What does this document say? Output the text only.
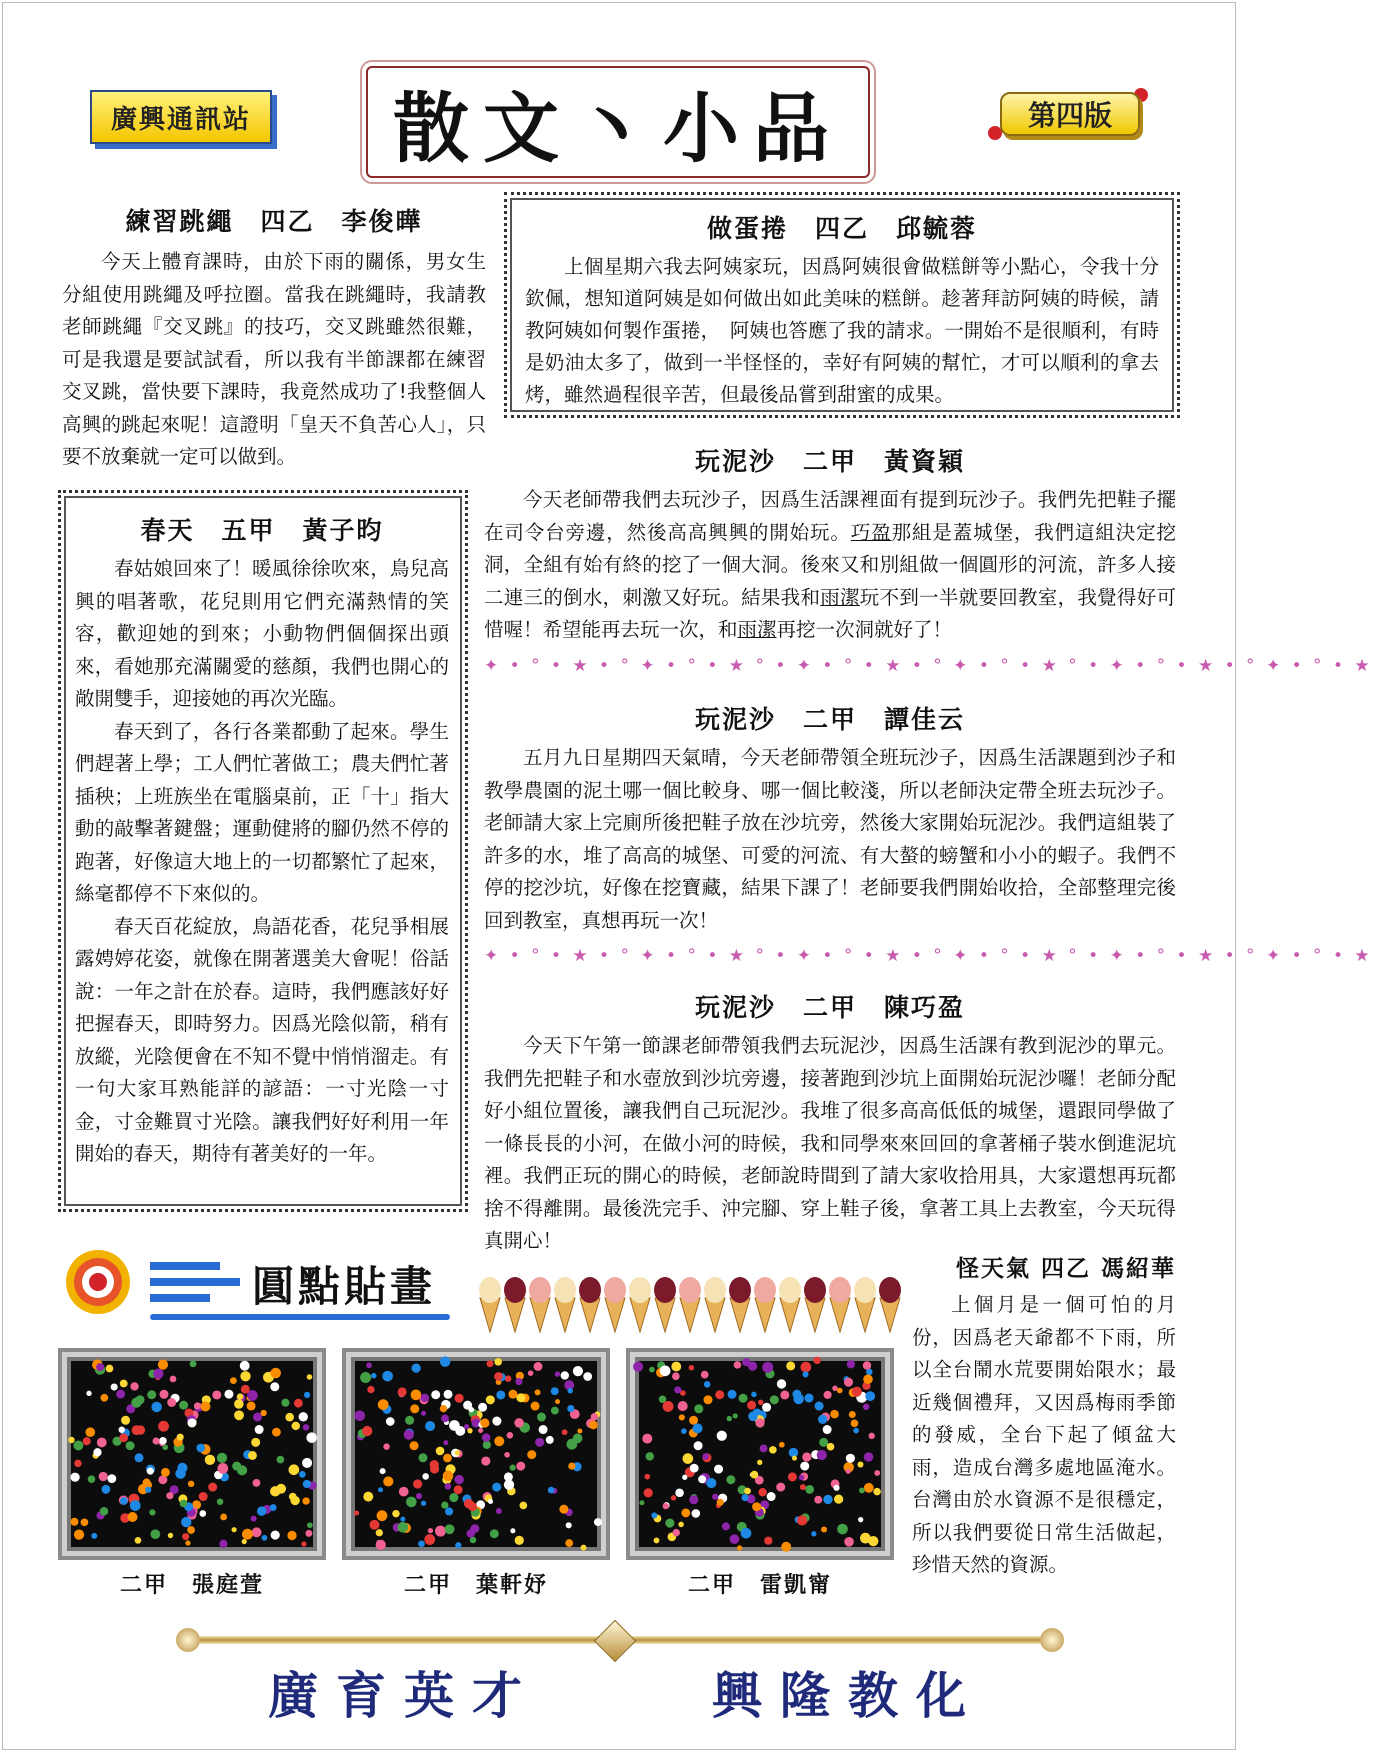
廣興通訊站	散文丶小品	第四版
練習跳繩　四乙　李俊曄

今天上體育課時，由於下雨的關係，男女生分組使用跳繩及呼拉圈。當我在跳繩時，我請教老師跳繩『交叉跳』的技巧，交叉跳雖然很難，可是我還是要試試看，所以我有半節課都在練習交叉跳，當快要下課時，我竟然成功了!我整個人高興的跳起來呢！這證明「皇天不負苦心人」，只要不放棄就一定可以做到。

做蛋捲　四乙　邱毓蓉

上個星期六我去阿姨家玩，因爲阿姨很會做糕餅等小點心，令我十分欽佩，想知道阿姨是如何做出如此美味的糕餅。趁著拜訪阿姨的時候，請教阿姨如何製作蛋捲，　阿姨也答應了我的請求。一開始不是很順利，有時是奶油太多了，做到一半怪怪的，幸好有阿姨的幫忙，才可以順利的拿去烤，雖然過程很辛苦，但最後品嘗到甜蜜的成果。

春天　五甲　黃子昀

春姑娘回來了！暖風徐徐吹來，鳥兒高興的唱著歌，花兒則用它們充滿熱情的笑容，歡迎她的到來；小動物們個個探出頭來，看她那充滿關愛的慈顏，我們也開心的敞開雙手，迎接她的再次光臨。

春天到了，各行各業都動了起來。學生們趕著上學；工人們忙著做工；農夫們忙著插秧；上班族坐在電腦桌前，正「十」指大動的敲擊著鍵盤；運動健將的腳仍然不停的跑著，好像這大地上的一切都繁忙了起來，絲毫都停不下來似的。

春天百花綻放，鳥語花香，花兒爭相展露娉婷花姿，就像在開著選美大會呢！俗話說：一年之計在於春。這時，我們應該好好把握春天，即時努力。因爲光陰似箭，稍有放縱，光陰便會在不知不覺中悄悄溜走。有一句大家耳熟能詳的諺語：一寸光陰一寸金，寸金難買寸光陰。讓我們好好利用一年開始的春天，期待有著美好的一年。

玩泥沙　二甲　黃資穎

今天老師帶我們去玩沙子，因爲生活課裡面有提到玩沙子。我們先把鞋子擺在司令台旁邊，然後高高興興的開始玩。巧盈那組是蓋城堡，我們這組決定挖洞，全組有始有終的挖了一個大洞。後來又和別組做一個圓形的河流，許多人接二連三的倒水，刺激又好玩。結果我和雨潔玩不到一半就要回教室，我覺得好可惜喔！希望能再去玩一次，和雨潔再挖一次洞就好了！

✦ • ° • ★ • ° ✦ • ° • ★ ° • ✦ • ° • ★ • ° ✦ • ° • ★ ° • ✦ • ° • ★ • ° ✦ • ° • ★
玩泥沙　二甲　譚佳云

五月九日星期四天氣晴，今天老師帶領全班玩沙子，因爲生活課題到沙子和教學農園的泥土哪一個比較身、哪一個比較淺，所以老師決定帶全班去玩沙子。老師請大家上完廁所後把鞋子放在沙坑旁，然後大家開始玩泥沙。我們這組裝了許多的水，堆了高高的城堡、可愛的河流、有大螯的螃蟹和小小的蝦子。我們不停的挖沙坑，好像在挖寶藏，結果下課了！老師要我們開始收拾，全部整理完後回到教室，真想再玩一次！

✦ • ° • ★ • ° ✦ • ° • ★ ° • ✦ • ° • ★ • ° ✦ • ° • ★ ° • ✦ • ° • ★ • ° ✦ • ° • ★
玩泥沙　二甲　陳巧盈

今天下午第一節課老師帶領我們去玩泥沙，因爲生活課有教到泥沙的單元。我們先把鞋子和水壺放到沙坑旁邊，接著跑到沙坑上面開始玩泥沙囉！老師分配好小組位置後，讓我們自己玩泥沙。我堆了很多高高低低的城堡，還跟同學做了一條長長的小河，在做小河的時候，我和同學來來回回的拿著桶子裝水倒進泥坑裡。我們正玩的開心的時候，老師說時間到了請大家收拾用具，大家還想再玩都捨不得離開。最後洗完手、沖完腳、穿上鞋子後，拿著工具上去教室，今天玩得真開心！

圓點貼畫	怪天氣 四乙 馮紹華

上個月是一個可怕的月份，因爲老天爺都不下雨，所以全台鬧水荒要開始限水；最近幾個禮拜，又因爲梅雨季節的發威，全台下起了傾盆大雨，造成台灣多處地區淹水。台灣由於水資源不是很穩定，所以我們要從日常生活做起，珍惜天然的資源。

二甲　張庭萱	二甲　葉軒妤	二甲　雷凱甯
廣育英才	興隆教化
